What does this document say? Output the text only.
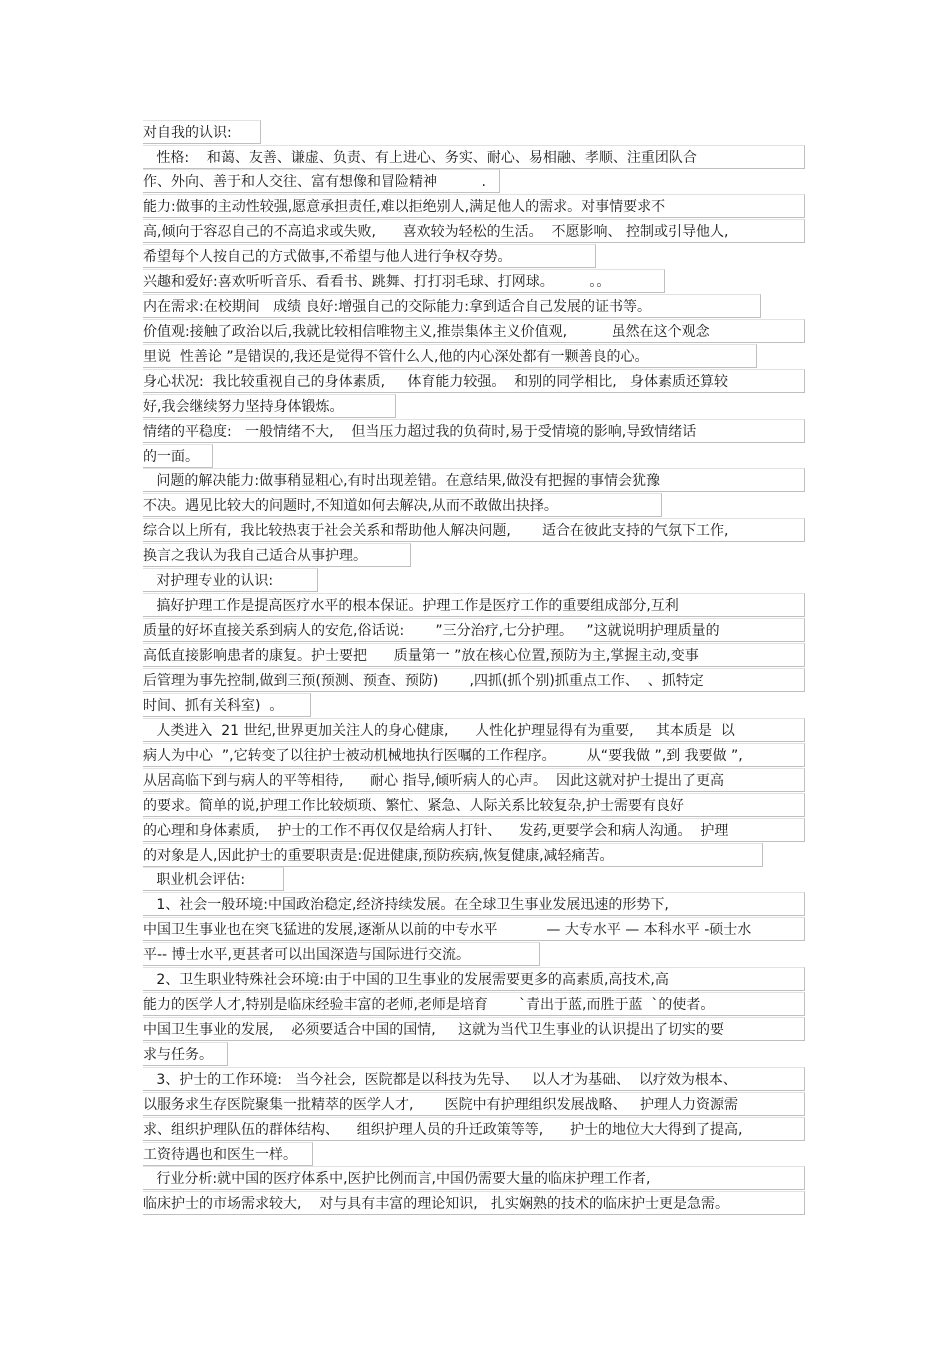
对自我的认识:
性格:    和蔼、友善、谦虚、负责、有上进心、务实、耐心、易相融、孝顺、注重团队合
作、外向、善于和人交往、富有想像和冒险精神          .
能力:做事的主动性较强,愿意承担责任,难以拒绝别人,满足他人的需求。对事情要求不
高,倾向于容忍自己的不高追求或失败,      喜欢较为轻松的生活。  不愿影响、 控制或引导他人,
希望每个人按自己的方式做事,不希望与他人进行争权夺势。
兴趣和爱好:喜欢听听音乐、看看书、跳舞、打打羽毛球、打网球。        。。
内在需求:在校期间   成绩 良好:增强自己的交际能力:拿到适合自己发展的证书等。
价值观:接触了政治以后,我就比较相信唯物主义,推崇集体主义价值观,          虽然在这个观念
里说  性善论 ”是错误的,我还是觉得不管什么人,他的内心深处都有一颗善良的心。
身心状况:  我比较重视自己的身体素质,     体育能力较强。  和别的同学相比,   身体素质还算较
好,我会继续努力坚持身体锻炼。
情绪的平稳度:   一般情绪不大,    但当压力超过我的负荷时,易于受情境的影响,导致情绪话
的一面。
问题的解决能力:做事稍显粗心,有时出现差错。在意结果,做没有把握的事情会犹豫
不决。遇见比较大的问题时,不知道如何去解决,从而不敢做出抉择。
综合以上所有,  我比较热衷于社会关系和帮助他人解决问题,       适合在彼此支持的气氛下工作,
换言之我认为我自己适合从事护理。
对护理专业的认识:
搞好护理工作是提高医疗水平的根本保证。护理工作是医疗工作的重要组成部分,互利
质量的好坏直接关系到病人的安危,俗话说:       ”三分治疗,七分护理。   ”这就说明护理质量的
高低直接影响患者的康复。护士要把      质量第一 ”放在核心位置,预防为主,掌握主动,变事
后管理为事先控制,做到三预(预测、预查、预防)       ,四抓(抓个别)抓重点工作、  、抓特定
时间、抓有关科室)  。
人类进入  21 世纪,世界更加关注人的身心健康,      人性化护理显得有为重要,     其本质是  以
病人为中心  ”,它转变了以往护士被动机械地执行医嘱的工作程序。       从“要我做 ”,到 我要做 ”,
从居高临下到与病人的平等相待,      耐心 指导,倾听病人的心声。  因此这就对护士提出了更高
的要求。简单的说,护理工作比较烦琐、繁忙、紧急、人际关系比较复杂,护士需要有良好
的心理和身体素质,    护士的工作不再仅仅是给病人打针、    发药,更要学会和病人沟通。  护理
的对象是人,因此护士的重要职责是:促进健康,预防疾病,恢复健康,减轻痛苦。
职业机会评估:
1、社会一般环境:中国政治稳定,经济持续发展。在全球卫生事业发展迅速的形势下,
中国卫生事业也在突飞猛进的发展,逐渐从以前的中专水平           — 大专水平 — 本科水平 -硕士水
平-- 博士水平,更甚者可以出国深造与国际进行交流。
2、卫生职业特殊社会环境:由于中国的卫生事业的发展需要更多的高素质,高技术,高
能力的医学人才,特别是临床经验丰富的老师,老师是培育       `青出于蓝,而胜于蓝  `的使者。
中国卫生事业的发展,    必须要适合中国的国情,     这就为当代卫生事业的认识提出了切实的要
求与任务。
3、护士的工作环境:   当今社会,  医院都是以科技为先导、   以人才为基础、  以疗效为根本、
以服务求生存医院聚集一批精萃的医学人才,       医院中有护理组织发展战略、   护理人力资源需
求、组织护理队伍的群体结构、    组织护理人员的升迁政策等等,      护士的地位大大得到了提高,
工资待遇也和医生一样。
行业分析:就中国的医疗体系中,医护比例而言,中国仍需要大量的临床护理工作者,
临床护士的市场需求较大,    对与具有丰富的理论知识,   扎实娴熟的技术的临床护士更是急需。
